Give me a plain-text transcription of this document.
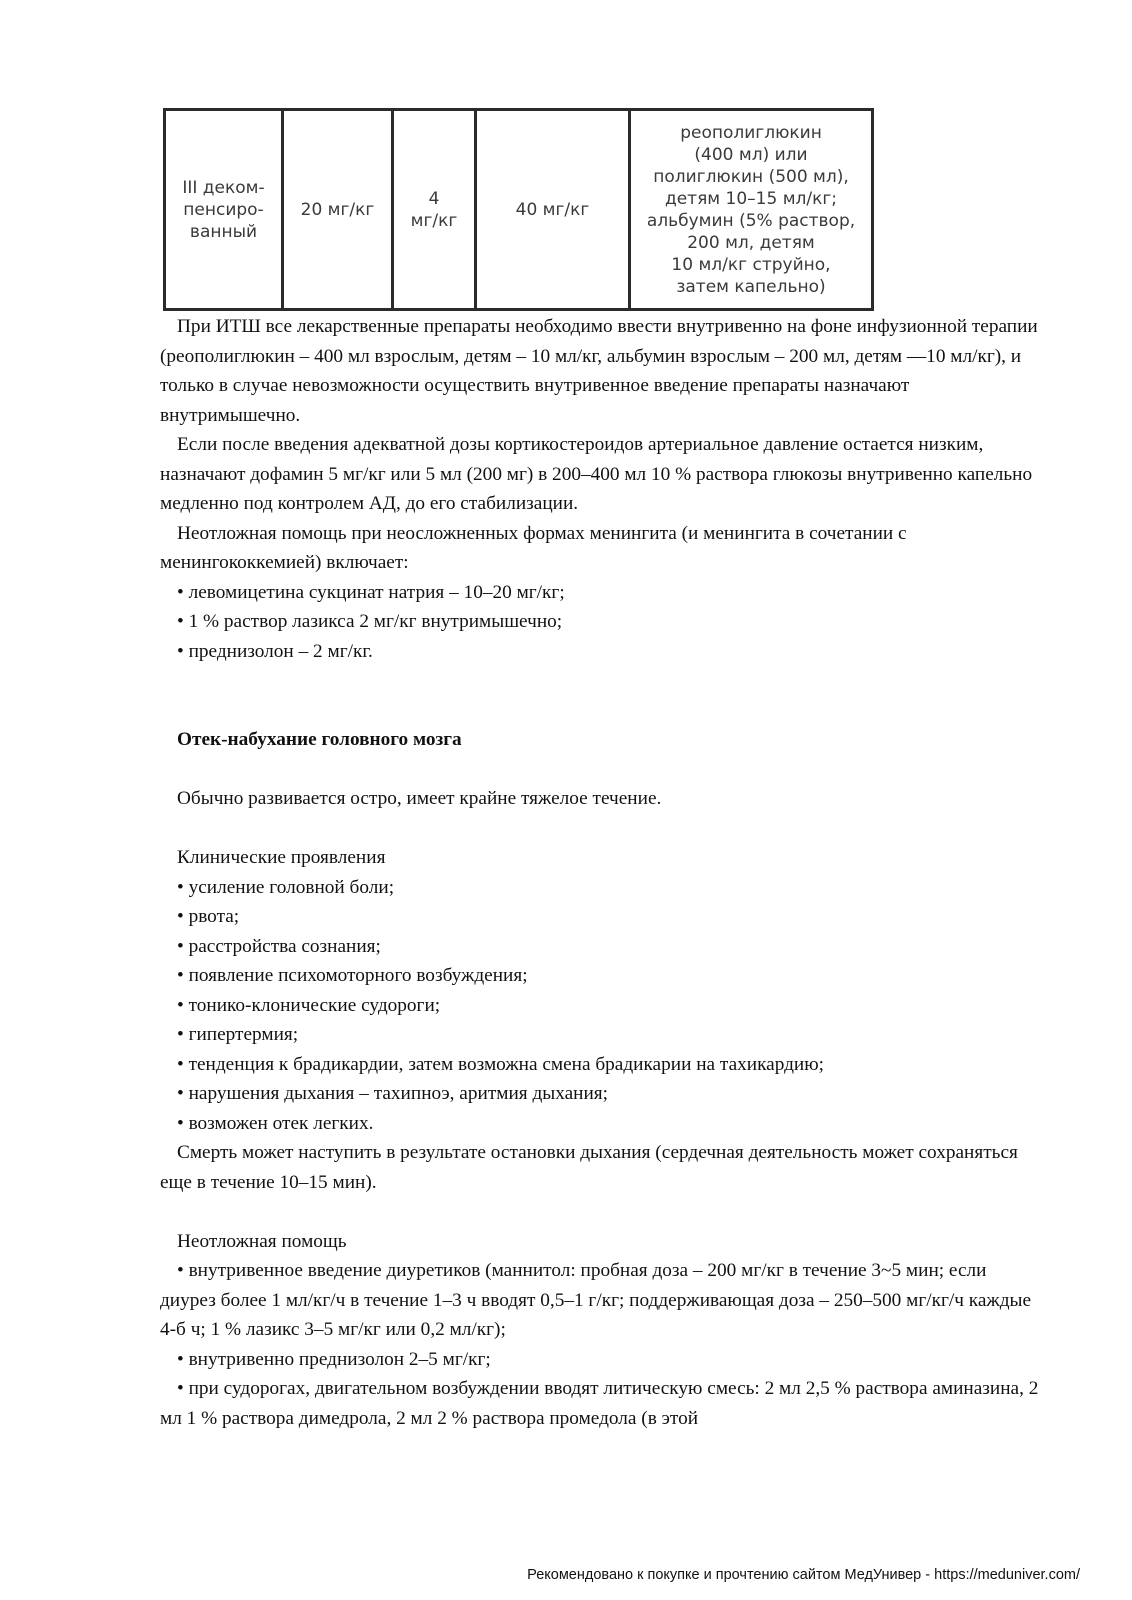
III деком-
пенсиро-
ванный	20 мг/кг	4
мг/кг	40 мг/кг	реополиглюкин
(400 мл) или
полиглюкин (500 мл),
детям 10–15 мл/кг;
альбумин (5% раствор,
200 мл, детям
10 мл/кг струйно,
затем капельно)

При ИТШ все лекарственные препараты необходимо ввести внутривенно на фоне инфузионной терапии (реополиглюкин – 400 мл взрослым, детям – 10 мл/кг, альбумин взрослым – 200 мл, детям —10 мл/кг), и только в случае невозможности осуществить внутривенное введение препараты назначают внутримышечно.

Если после введения адекватной дозы кортикостероидов артериальное давление остается низким, назначают дофамин 5 мг/кг или 5 мл (200 мг) в 200–400 мл 10 % раствора глюкозы внутривенно капельно медленно под контролем АД, до его стабилизации.

Неотложная помощь при неосложненных формах менингита (и менингита в сочетании с менингококкемией) включает:

• левомицетина сукцинат натрия – 10–20 мг/кг;

• 1 % раствор лазикса 2 мг/кг внутримышечно;

• преднизолон – 2 мг/кг.

Отек-набухание головного мозга

Обычно развивается остро, имеет крайне тяжелое течение.

Клинические проявления

• усиление головной боли;

• рвота;

• расстройства сознания;

• появление психомоторного возбуждения;

• тонико-клонические судороги;

• гипертермия;

• тенденция к брадикардии, затем возможна смена брадикарии на тахикардию;

• нарушения дыхания – тахипноэ, аритмия дыхания;

• возможен отек легких.

Смерть может наступить в результате остановки дыхания (сердечная деятельность может сохраняться еще в течение 10–15 мин).

Неотложная помощь

• внутривенное введение диуретиков (маннитол: пробная доза – 200 мг/кг в течение 3~5 мин; если диурез более 1 мл/кг/ч в течение 1–3 ч вводят 0,5–1 г/кг; поддерживающая доза – 250–500 мг/кг/ч каждые 4-б ч; 1 % лазикс 3–5 мг/кг или 0,2 мл/кг);

• внутривенно преднизолон 2–5 мг/кг;

• при судорогах, двигательном возбуждении вводят литическую смесь: 2 мл 2,5 % раствора аминазина, 2 мл 1 % раствора димедрола, 2 мл 2 % раствора промедола (в этой

Рекомендовано к покупке и прочтению сайтом МедУнивер - https://meduniver.com/
